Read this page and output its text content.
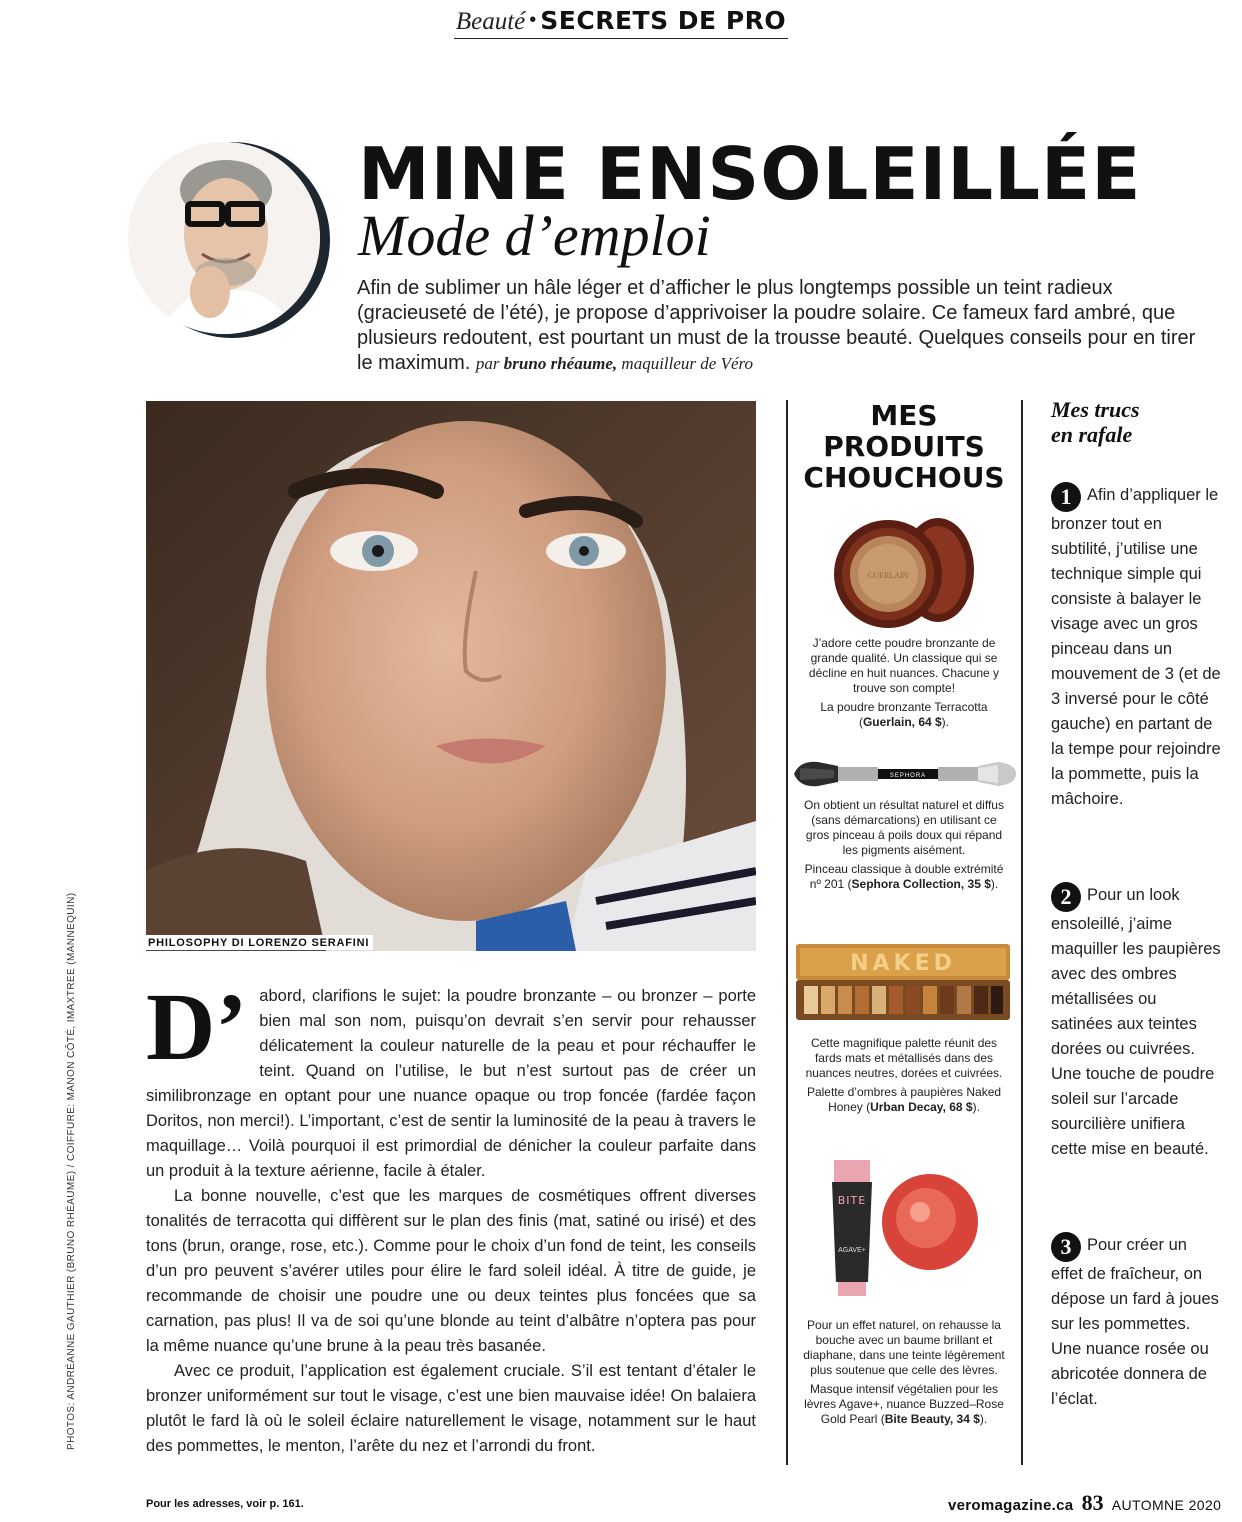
Beauté • SECRETS DE PRO
MINE ENSOLEILLÉE
Mode d’emploi
Afin de sublimer un hâle léger et d’afficher le plus longtemps possible un teint radieux (gracieuseté de l’été), je propose d’apprivoiser la poudre solaire. Ce fameux fard ambré, que plusieurs redoutent, est pourtant un must de la trousse beauté. Quelques conseils pour en tirer le maximum. par bruno rhéaume, maquilleur de Véro
PHILOSOPHY DI LORENZO SERAFINI
PHOTOS: ANDRÉANNE GAUTHIER (BRUNO RHÉAUME) / COIFFURE: MANON CÔTÉ, IMAXTREE (MANNEQUIN) D’ abord, clarifions le sujet: la poudre bronzante – ou bronzer – porte bien mal son nom, puisqu’on devrait s’en servir pour rehausser délicatement la couleur naturelle de la peau et pour réchauffer le teint. Quand on l’utilise, le but n’est surtout pas de créer un similibronzage en optant pour une nuance opaque ou trop foncée (fardée façon Doritos, non merci!). L’important, c’est de sentir la luminosité de la peau à travers le maquillage… Voilà pourquoi il est primordial de dénicher la couleur parfaite dans un produit à la texture aérienne, facile à étaler.

La bonne nouvelle, c’est que les marques de cosmétiques offrent diverses tonalités de terracotta qui diffèrent sur le plan des finis (mat, satiné ou irisé) et des tons (brun, orange, rose, etc.). Comme pour le choix d’un fond de teint, les conseils d’un pro peuvent s’avérer utiles pour élire le fard soleil idéal. À titre de guide, je recommande de choisir une poudre une ou deux teintes plus foncées que sa carnation, pas plus! Il va de soi qu’une blonde au teint d’albâtre n’optera pas pour la même nuance qu’une brune à la peau très basanée.

Avec ce produit, l’application est également cruciale. S’il est tentant d’étaler le bronzer uniformément sur tout le visage, c’est une bien mauvaise idée! On balaiera plutôt le fard là où le soleil éclaire naturellement le visage, notamment sur le haut des pommettes, le menton, l’arête du nez et l’arrondi du front.

MES
PRODUITS
CHOUCHOUS
GUERLAIN

J’adore cette poudre bronzante de grande qualité. Un classique qui se décline en huit nuances. Chacune y trouve son compte!

La poudre bronzante Terracotta (Guerlain, 64 $).

SEPHORA

On obtient un résultat naturel et diffus (sans démarcations) en utilisant ce gros pinceau à poils doux qui répand les pigments aisément.

Pinceau classique à double extrémité nº 201 (Sephora Collection, 35 $).

NAKED

Cette magnifique palette réunit des fards mats et métallisés dans des nuances neutres, dorées et cuivrées.

Palette d’ombres à paupières Naked Honey (Urban Decay, 68 $).

BITE
AGAVE+

Pour un effet naturel, on rehausse la bouche avec un baume brillant et diaphane, dans une teinte légèrement plus soutenue que celle des lèvres.

Masque intensif végétalien pour les lèvres Agave+, nuance Buzzed–Rose Gold Pearl (Bite Beauty, 34 $).

Mes trucs
en rafale
1 Afin d’appliquer le bronzer tout en subtilité, j’utilise une technique simple qui consiste à balayer le visage avec un gros pinceau dans un mouvement de 3 (et de 3 inversé pour le côté gauche) en partant de la tempe pour rejoindre la pommette, puis la mâchoire.
2 Pour un look ensoleillé, j’aime maquiller les paupières avec des ombres métallisées ou satinées aux teintes dorées ou cuivrées. Une touche de poudre soleil sur l’arcade sourcilière unifiera cette mise en beauté.
3 Pour créer un effet de fraîcheur, on dépose un fard à joues sur les pommettes. Une nuance rosée ou abricotée donnera de l’éclat.
Pour les adresses, voir p. 161.	veromagazine.ca 83 AUTOMNE 2020
